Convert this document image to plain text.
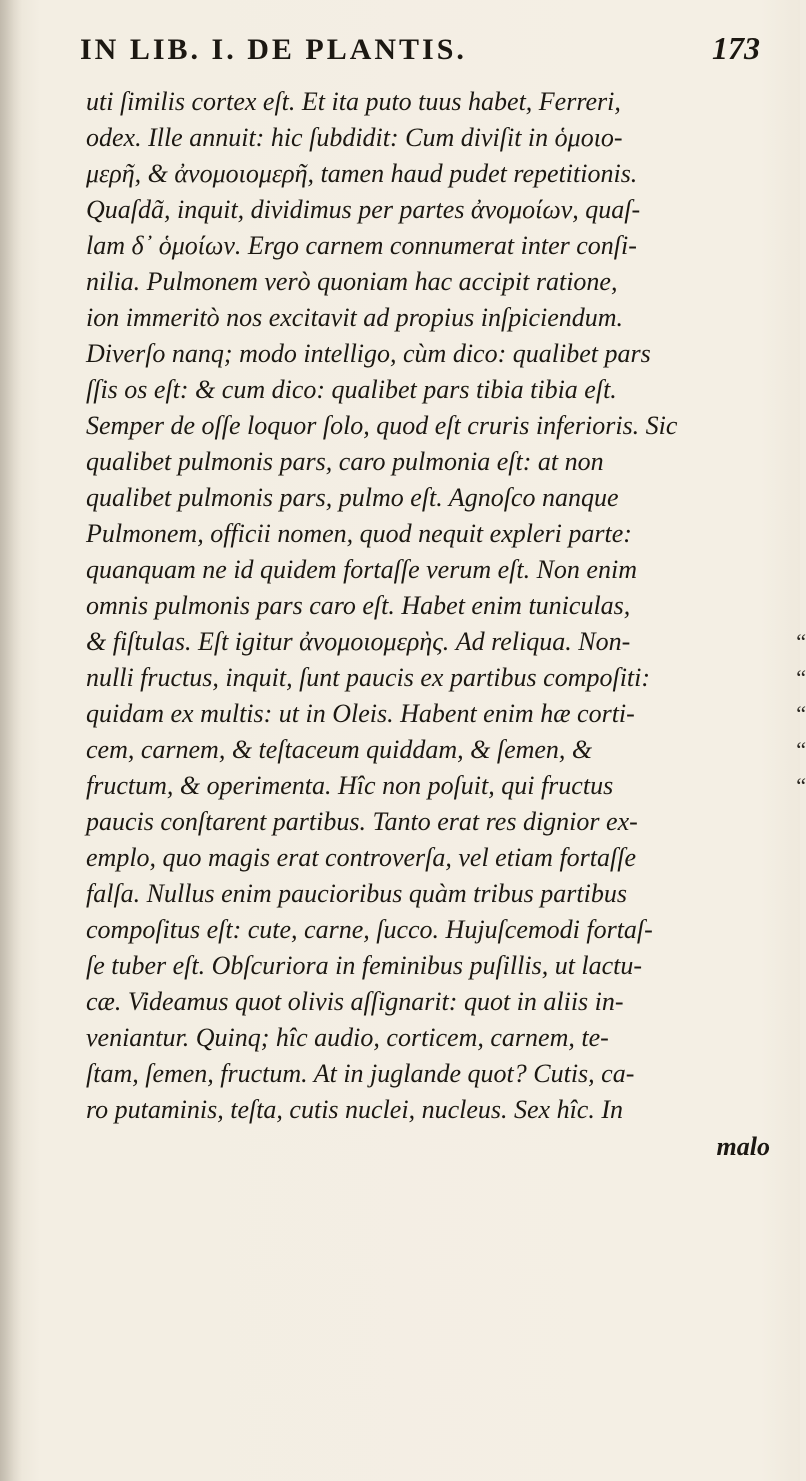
IN LIB. I. DE PLANTIS.	173
uti ſimilis cortex eſt. Et ita puto tuus habet, Ferreri,
odex. Ille annuit: hic ſubdidit: Cum diviſit in ὁμοιο-
μερῆ, & ἀνομοιομερῆ, tamen haud pudet repetitionis.
Quaſdã, inquit, dividimus per partes ἀνομοίων, quaſ-
lam δ᾽ ὁμοίων. Ergo carnem connumerat inter conſi-
nilia. Pulmonem verò quoniam hac accipit ratione,
ion immeritò nos excitavit ad propius inſpiciendum.
Diverſo nanq; modo intelligo, cùm dico: qualibet pars
ſſis os eſt: & cum dico: qualibet pars tibia tibia eſt.
Semper de oſſe loquor ſolo, quod eſt cruris inferioris. Sic
qualibet pulmonis pars, caro pulmonia eſt: at non
qualibet pulmonis pars, pulmo eſt. Agnoſco nanque
Pulmonem, officii nomen, quod nequit expleri parte:
quanquam ne id quidem fortaſſe verum eſt. Non enim
omnis pulmonis pars caro eſt. Habet enim tuniculas,
& fiſtulas. Eſt igitur ἀνομοιομερὴς. Ad reliqua. Non-	“
nulli fructus, inquit, ſunt paucis ex partibus compoſiti:	“
quidam ex multis: ut in Oleis. Habent enim hæ corti-	“
cem, carnem, & teſtaceum quiddam, & ſemen, &	“
fructum, & operimenta. Hîc non poſuit, qui fructus	“
paucis conſtarent partibus. Tanto erat res dignior ex-
emplo, quo magis erat controverſa, vel etiam fortaſſe
falſa. Nullus enim paucioribus quàm tribus partibus
compoſitus eſt: cute, carne, ſucco. Hujuſcemodi fortaſ-
ſe tuber eſt. Obſcuriora in feminibus puſillis, ut lactu-
cæ. Videamus quot olivis aſſignarit: quot in aliis in-
veniantur. Quinq; hîc audio, corticem, carnem, te-
ſtam, ſemen, fructum. At in juglande quot? Cutis, ca-
ro putaminis, teſta, cutis nuclei, nucleus. Sex hîc. In
malo
